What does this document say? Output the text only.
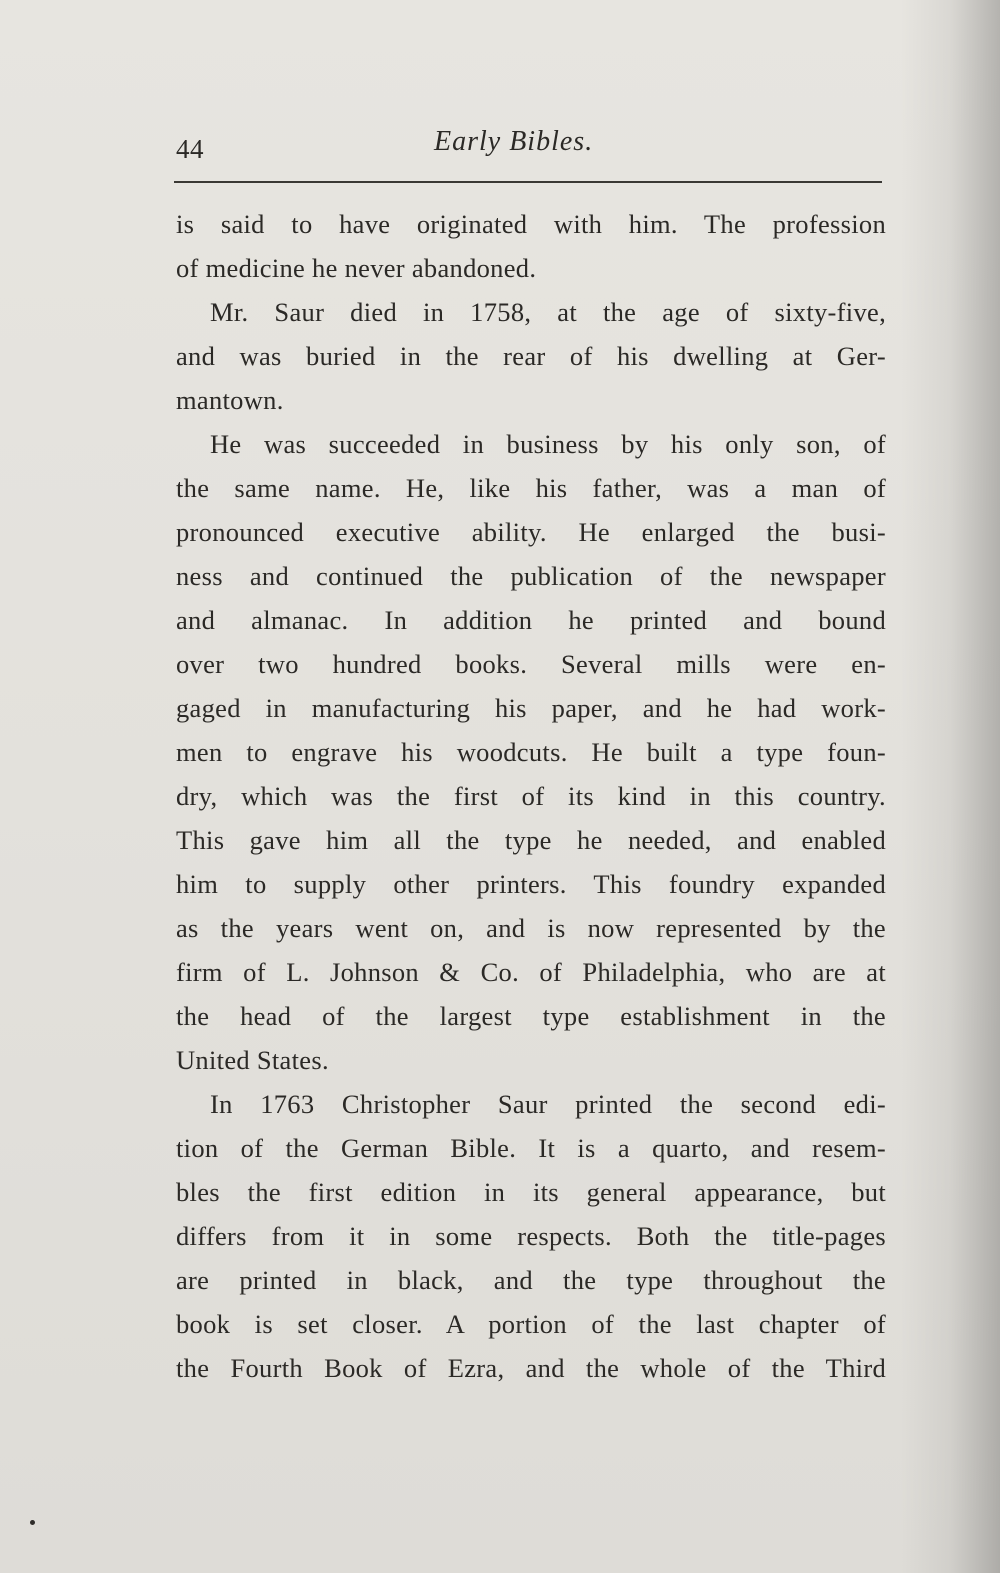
44	Early Bibles.
is said to have originated with him. The profession
of medicine he never abandoned.
Mr. Saur died in 1758, at the age of sixty-five,
and was buried in the rear of his dwelling at Ger-
mantown.
He was succeeded in business by his only son, of
the same name. He, like his father, was a man of
pronounced executive ability. He enlarged the busi-
ness and continued the publication of the newspaper
and almanac. In addition he printed and bound
over two hundred books. Several mills were en-
gaged in manufacturing his paper, and he had work-
men to engrave his woodcuts. He built a type foun-
dry, which was the first of its kind in this country.
This gave him all the type he needed, and enabled
him to supply other printers. This foundry expanded
as the years went on, and is now represented by the
firm of L. Johnson & Co. of Philadelphia, who are at
the head of the largest type establishment in the
United States.
In 1763 Christopher Saur printed the second edi-
tion of the German Bible. It is a quarto, and resem-
bles the first edition in its general appearance, but
differs from it in some respects. Both the title-pages
are printed in black, and the type throughout the
book is set closer. A portion of the last chapter of
the Fourth Book of Ezra, and the whole of the Third
